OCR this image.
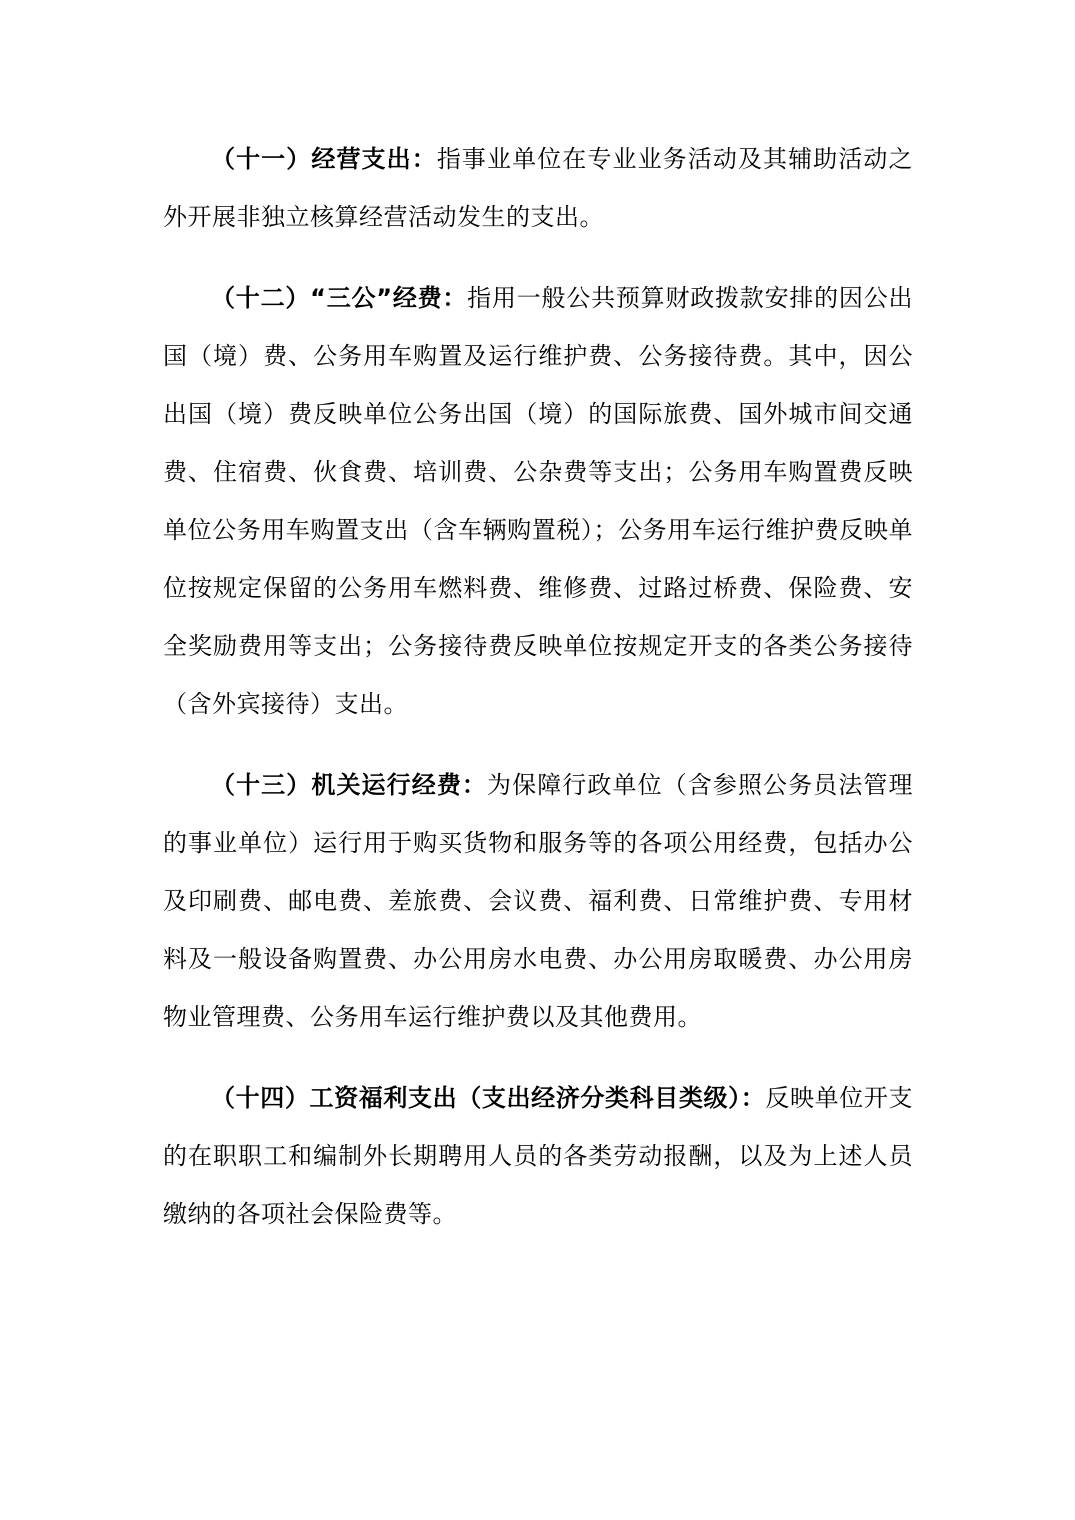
（十一）经营支出：指事业单位在专业业务活动及其辅助活动之外开展非独立核算经营活动发生的支出。

（十二）“三公”经费：指用一般公共预算财政拨款安排的因公出国（境）费、公务用车购置及运行维护费、公务接待费。其中，因公出国（境）费反映单位公务出国（境）的国际旅费、国外城市间交通费、住宿费、伙食费、培训费、公杂费等支出；公务用车购置费反映单位公务用车购置支出（含车辆购置税）；公务用车运行维护费反映单位按规定保留的公务用车燃料费、维修费、过路过桥费、保险费、安全奖励费用等支出；公务接待费反映单位按规定开支的各类公务接待（含外宾接待）支出。

（十三）机关运行经费：为保障行政单位（含参照公务员法管理的事业单位）运行用于购买货物和服务等的各项公用经费，包括办公及印刷费、邮电费、差旅费、会议费、福利费、日常维护费、专用材料及一般设备购置费、办公用房水电费、办公用房取暖费、办公用房物业管理费、公务用车运行维护费以及其他费用。

（十四）工资福利支出（支出经济分类科目类级）：反映单位开支的在职职工和编制外长期聘用人员的各类劳动报酬，以及为上述人员缴纳的各项社会保险费等。
